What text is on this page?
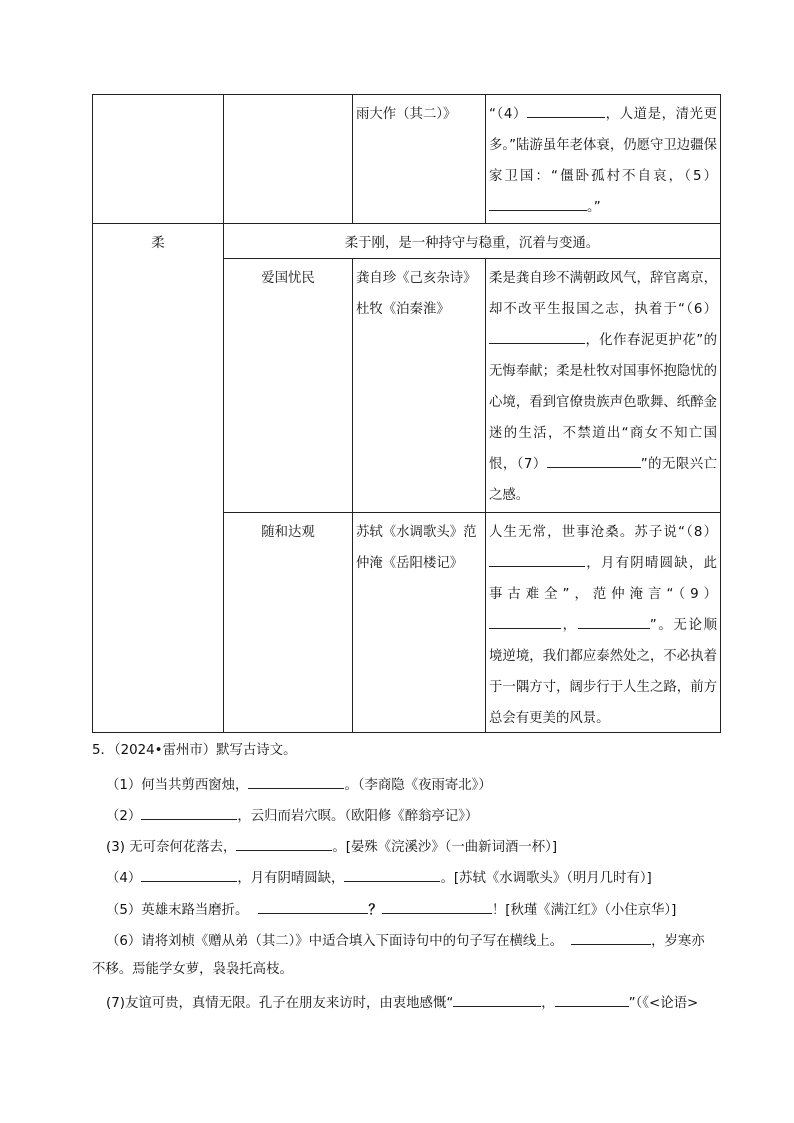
		雨大作（其二）》	“（4） ，人道是，清光更多。”陆游虽年老体衰，仍愿守卫边疆保家卫国：“僵卧孤村不自哀，（5）。”

柔	柔于刚，是一种持守与稳重，沉着与变通。		

	爱国忧民	龚自珍《己亥杂诗》杜牧《泊秦淮》	柔是龚自珍不满朝政风气，辞官离京，却不改平生报国之志，执着于“（6），化作春泥更护花”的无悔奉献；柔是杜牧对国事怀抱隐忧的心境，看到官僚贵族声色歌舞、纸醉金迷的生活，不禁道出“商女不知亡国恨，（7） ”的无限兴亡之感。

	随和达观	苏轼《水调歌头》范仲淹《岳阳楼记》	人生无常，世事沧桑。苏子说“（8），月有阴晴圆缺，此事古难全”，范仲淹言“（9）， ”。无论顺境逆境，我们都应泰然处之，不必执着于一隅方寸，阔步行于人生之路，前方总会有更美的风景。
5．（2024•雷州市）默写古诗文。
（1）何当共剪西窗烛，	。（李商隐《夜雨寄北》）
（2）	，云归而岩穴暝。（欧阳修《醉翁亭记》）
(3) 无可奈何花落去，	。[晏殊《浣溪沙》（一曲新词酒一杯）]
（4）	，月有阴晴圆缺，	。[苏轼《水调歌头》（明月几时有）]
（5）英雄末路当磨折。	？	！[秋瑾《满江红》（小住京华）]
（6）请将刘桢《赠从弟（其二）》中适合填入下面诗句中的句子写在横线上。	，岁寒亦
不移。焉能学女萝，袅袅托高枝。
(7)友谊可贵，真情无限。孔子在朋友来访时，由衷地感慨“	，	”（《<论语>
